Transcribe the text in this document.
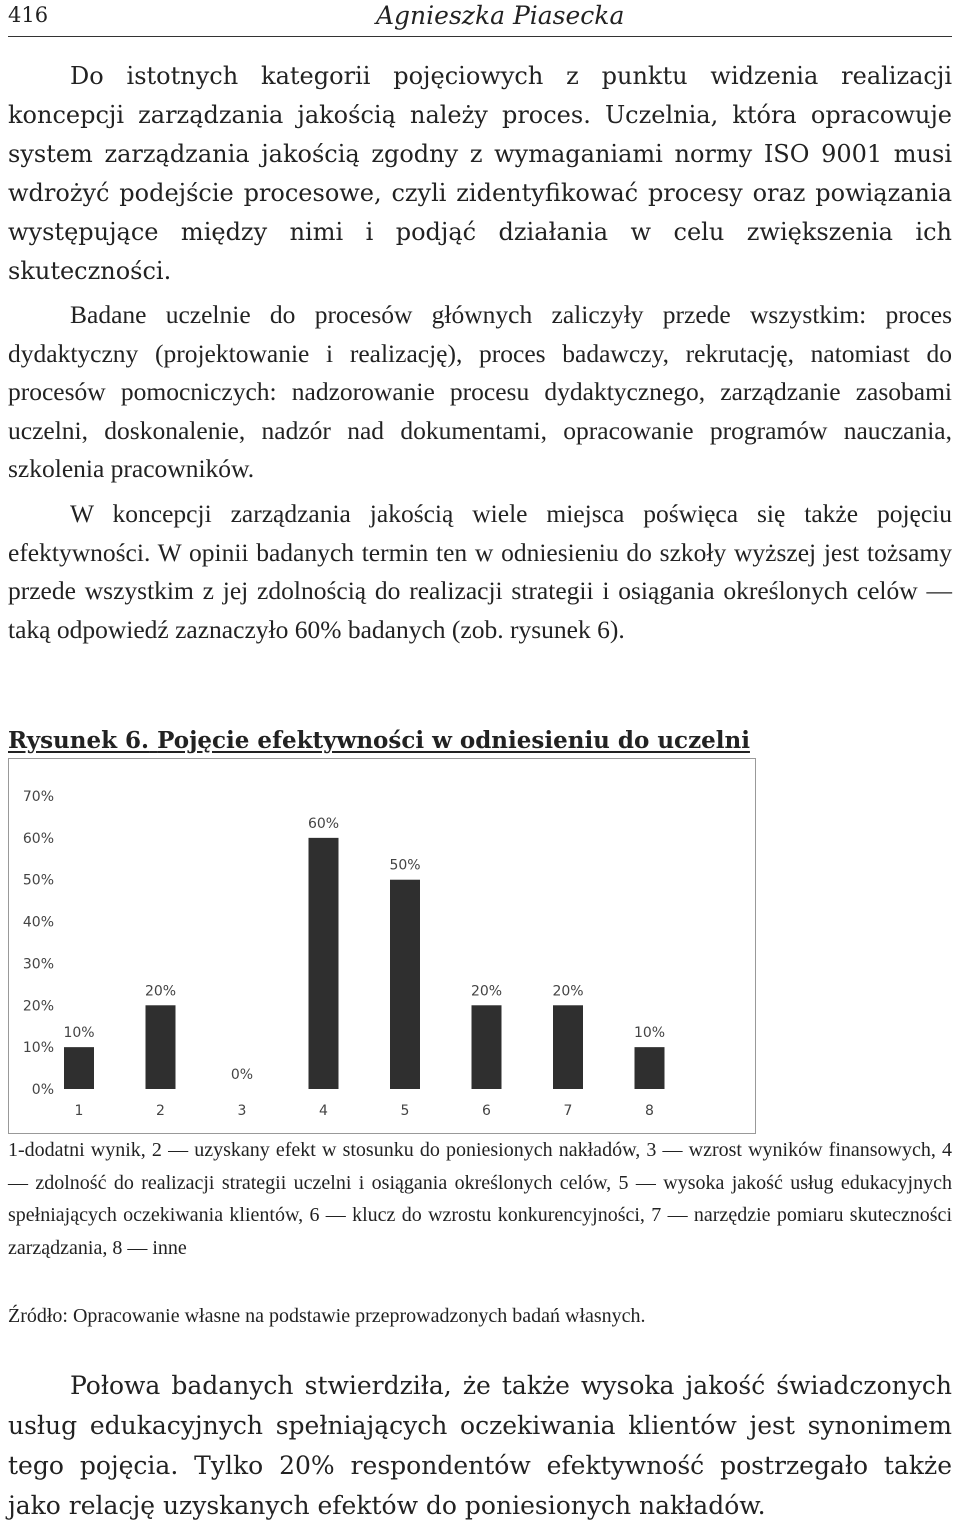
416	Agnieszka Piasecka

Do istotnych kategorii pojęciowych z punktu widzenia realizacji koncepcji zarządzania jakością należy proces. Uczelnia, która opracowuje system zarządzania jakością zgodny z wymaganiami normy ISO 9001 musi wdrożyć podejście procesowe, czyli zidentyfikować procesy oraz powiązania występujące między nimi i podjąć działania w celu zwiększenia ich skuteczności.

Badane uczelnie do procesów głównych zaliczyły przede wszystkim: proces dydaktyczny (projektowanie i realizację), proces badawczy, rekrutację, natomiast do procesów pomocniczych: nadzorowanie procesu dydaktycznego, zarządzanie zasobami uczelni, doskonalenie, nadzór nad dokumentami, opracowanie programów nauczania, szkolenia pracowników.

W koncepcji zarządzania jakością wiele miejsca poświęca się także pojęciu efektywności. W opinii badanych termin ten w odniesieniu do szkoły wyższej jest tożsamy przede wszystkim z jej zdolnością do realizacji strategii i osiągania określonych celów — taką odpowiedź zaznaczyło 60% badanych (zob. rysunek 6).

Rysunek 6. Pojęcie efektywności w odniesieniu do uczelni

0%
10%
20%
30%
40%
50%
60%
70%
10%
1
20%
2
0%
3
60%
4
50%
5
20%
6
20%
7
10%
8

1-dodatni wynik, 2 — uzyskany efekt w stosunku do poniesionych nakładów, 3 — wzrost wyników finansowych, 4 — zdolność do realizacji strategii uczelni i osiągania określonych celów, 5 — wysoka jakość usług edukacyjnych spełniających oczekiwania klientów, 6 — klucz do wzrostu konkurencyjności, 7 — narzędzie pomiaru skuteczności zarządzania, 8 — inne

Źródło: Opracowanie własne na podstawie przeprowadzonych badań własnych.

Połowa badanych stwierdziła, że także wysoka jakość świadczonych usług edukacyjnych spełniających oczekiwania klientów jest synonimem tego pojęcia. Tylko 20% respondentów efektywność postrzegało także jako relację uzyskanych efektów do poniesionych nakładów.
